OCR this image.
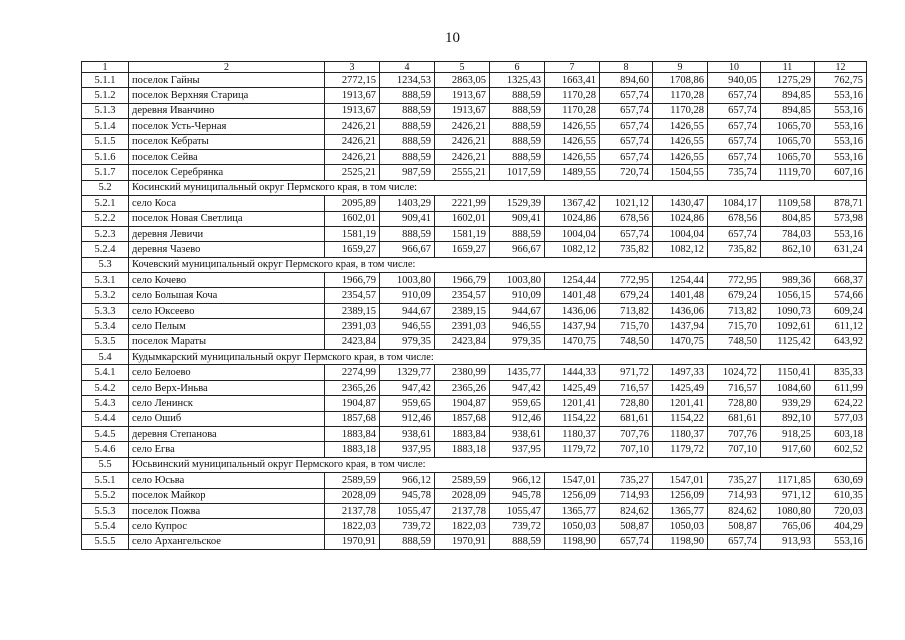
10
1	2	3	4	5	6	7	8	9	10	11	12
5.1.1	поселок Гайны	2772,15	1234,53	2863,05	1325,43	1663,41	894,60	1708,86	940,05	1275,29	762,75
5.1.2	поселок Верхняя Старица	1913,67	888,59	1913,67	888,59	1170,28	657,74	1170,28	657,74	894,85	553,16
5.1.3	деревня Иванчино	1913,67	888,59	1913,67	888,59	1170,28	657,74	1170,28	657,74	894,85	553,16
5.1.4	поселок Усть-Черная	2426,21	888,59	2426,21	888,59	1426,55	657,74	1426,55	657,74	1065,70	553,16
5.1.5	поселок Кебраты	2426,21	888,59	2426,21	888,59	1426,55	657,74	1426,55	657,74	1065,70	553,16
5.1.6	поселок Сейва	2426,21	888,59	2426,21	888,59	1426,55	657,74	1426,55	657,74	1065,70	553,16
5.1.7	поселок Серебрянка	2525,21	987,59	2555,21	1017,59	1489,55	720,74	1504,55	735,74	1119,70	607,16
5.2	Косинский муниципальный округ Пермского края, в том числе:										
5.2.1	село Коса	2095,89	1403,29	2221,99	1529,39	1367,42	1021,12	1430,47	1084,17	1109,58	878,71
5.2.2	поселок Новая Светлица	1602,01	909,41	1602,01	909,41	1024,86	678,56	1024,86	678,56	804,85	573,98
5.2.3	деревня Левичи	1581,19	888,59	1581,19	888,59	1004,04	657,74	1004,04	657,74	784,03	553,16
5.2.4	деревня Чазево	1659,27	966,67	1659,27	966,67	1082,12	735,82	1082,12	735,82	862,10	631,24
5.3	Кочевский муниципальный округ Пермского края, в том числе:										
5.3.1	село Кочево	1966,79	1003,80	1966,79	1003,80	1254,44	772,95	1254,44	772,95	989,36	668,37
5.3.2	село Большая Коча	2354,57	910,09	2354,57	910,09	1401,48	679,24	1401,48	679,24	1056,15	574,66
5.3.3	село Юксеево	2389,15	944,67	2389,15	944,67	1436,06	713,82	1436,06	713,82	1090,73	609,24
5.3.4	село Пелым	2391,03	946,55	2391,03	946,55	1437,94	715,70	1437,94	715,70	1092,61	611,12
5.3.5	поселок Мараты	2423,84	979,35	2423,84	979,35	1470,75	748,50	1470,75	748,50	1125,42	643,92
5.4	Кудымкарский муниципальный округ Пермского края, в том числе:										
5.4.1	село Белоево	2274,99	1329,77	2380,99	1435,77	1444,33	971,72	1497,33	1024,72	1150,41	835,33
5.4.2	село Верх-Иньва	2365,26	947,42	2365,26	947,42	1425,49	716,57	1425,49	716,57	1084,60	611,99
5.4.3	село Ленинск	1904,87	959,65	1904,87	959,65	1201,41	728,80	1201,41	728,80	939,29	624,22
5.4.4	село Ошиб	1857,68	912,46	1857,68	912,46	1154,22	681,61	1154,22	681,61	892,10	577,03
5.4.5	деревня Степанова	1883,84	938,61	1883,84	938,61	1180,37	707,76	1180,37	707,76	918,25	603,18
5.4.6	село Егва	1883,18	937,95	1883,18	937,95	1179,72	707,10	1179,72	707,10	917,60	602,52
5.5	Юсьвинский муниципальный округ Пермского края, в том числе:										
5.5.1	село Юсьва	2589,59	966,12	2589,59	966,12	1547,01	735,27	1547,01	735,27	1171,85	630,69
5.5.2	поселок Майкор	2028,09	945,78	2028,09	945,78	1256,09	714,93	1256,09	714,93	971,12	610,35
5.5.3	поселок Пожва	2137,78	1055,47	2137,78	1055,47	1365,77	824,62	1365,77	824,62	1080,80	720,03
5.5.4	село Купрос	1822,03	739,72	1822,03	739,72	1050,03	508,87	1050,03	508,87	765,06	404,29
5.5.5	село Архангельское	1970,91	888,59	1970,91	888,59	1198,90	657,74	1198,90	657,74	913,93	553,16
